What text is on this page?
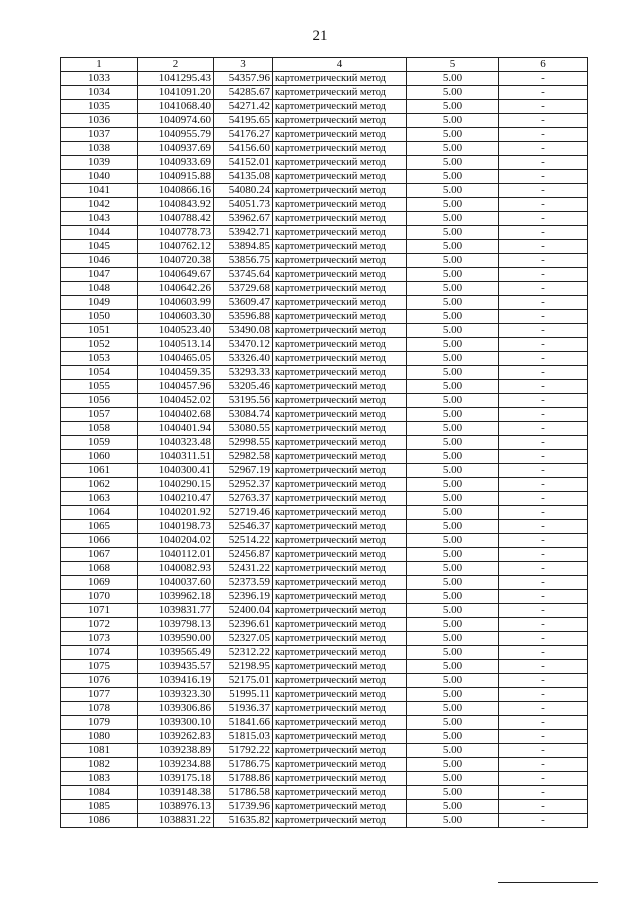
21
1	2	3	4	5	6
1033	1041295.43	54357.96	картометрический метод	5.00	-
1034	1041091.20	54285.67	картометрический метод	5.00	-
1035	1041068.40	54271.42	картометрический метод	5.00	-
1036	1040974.60	54195.65	картометрический метод	5.00	-
1037	1040955.79	54176.27	картометрический метод	5.00	-
1038	1040937.69	54156.60	картометрический метод	5.00	-
1039	1040933.69	54152.01	картометрический метод	5.00	-
1040	1040915.88	54135.08	картометрический метод	5.00	-
1041	1040866.16	54080.24	картометрический метод	5.00	-
1042	1040843.92	54051.73	картометрический метод	5.00	-
1043	1040788.42	53962.67	картометрический метод	5.00	-
1044	1040778.73	53942.71	картометрический метод	5.00	-
1045	1040762.12	53894.85	картометрический метод	5.00	-
1046	1040720.38	53856.75	картометрический метод	5.00	-
1047	1040649.67	53745.64	картометрический метод	5.00	-
1048	1040642.26	53729.68	картометрический метод	5.00	-
1049	1040603.99	53609.47	картометрический метод	5.00	-
1050	1040603.30	53596.88	картометрический метод	5.00	-
1051	1040523.40	53490.08	картометрический метод	5.00	-
1052	1040513.14	53470.12	картометрический метод	5.00	-
1053	1040465.05	53326.40	картометрический метод	5.00	-
1054	1040459.35	53293.33	картометрический метод	5.00	-
1055	1040457.96	53205.46	картометрический метод	5.00	-
1056	1040452.02	53195.56	картометрический метод	5.00	-
1057	1040402.68	53084.74	картометрический метод	5.00	-
1058	1040401.94	53080.55	картометрический метод	5.00	-
1059	1040323.48	52998.55	картометрический метод	5.00	-
1060	1040311.51	52982.58	картометрический метод	5.00	-
1061	1040300.41	52967.19	картометрический метод	5.00	-
1062	1040290.15	52952.37	картометрический метод	5.00	-
1063	1040210.47	52763.37	картометрический метод	5.00	-
1064	1040201.92	52719.46	картометрический метод	5.00	-
1065	1040198.73	52546.37	картометрический метод	5.00	-
1066	1040204.02	52514.22	картометрический метод	5.00	-
1067	1040112.01	52456.87	картометрический метод	5.00	-
1068	1040082.93	52431.22	картометрический метод	5.00	-
1069	1040037.60	52373.59	картометрический метод	5.00	-
1070	1039962.18	52396.19	картометрический метод	5.00	-
1071	1039831.77	52400.04	картометрический метод	5.00	-
1072	1039798.13	52396.61	картометрический метод	5.00	-
1073	1039590.00	52327.05	картометрический метод	5.00	-
1074	1039565.49	52312.22	картометрический метод	5.00	-
1075	1039435.57	52198.95	картометрический метод	5.00	-
1076	1039416.19	52175.01	картометрический метод	5.00	-
1077	1039323.30	51995.11	картометрический метод	5.00	-
1078	1039306.86	51936.37	картометрический метод	5.00	-
1079	1039300.10	51841.66	картометрический метод	5.00	-
1080	1039262.83	51815.03	картометрический метод	5.00	-
1081	1039238.89	51792.22	картометрический метод	5.00	-
1082	1039234.88	51786.75	картометрический метод	5.00	-
1083	1039175.18	51788.86	картометрический метод	5.00	-
1084	1039148.38	51786.58	картометрический метод	5.00	-
1085	1038976.13	51739.96	картометрический метод	5.00	-
1086	1038831.22	51635.82	картометрический метод	5.00	-
